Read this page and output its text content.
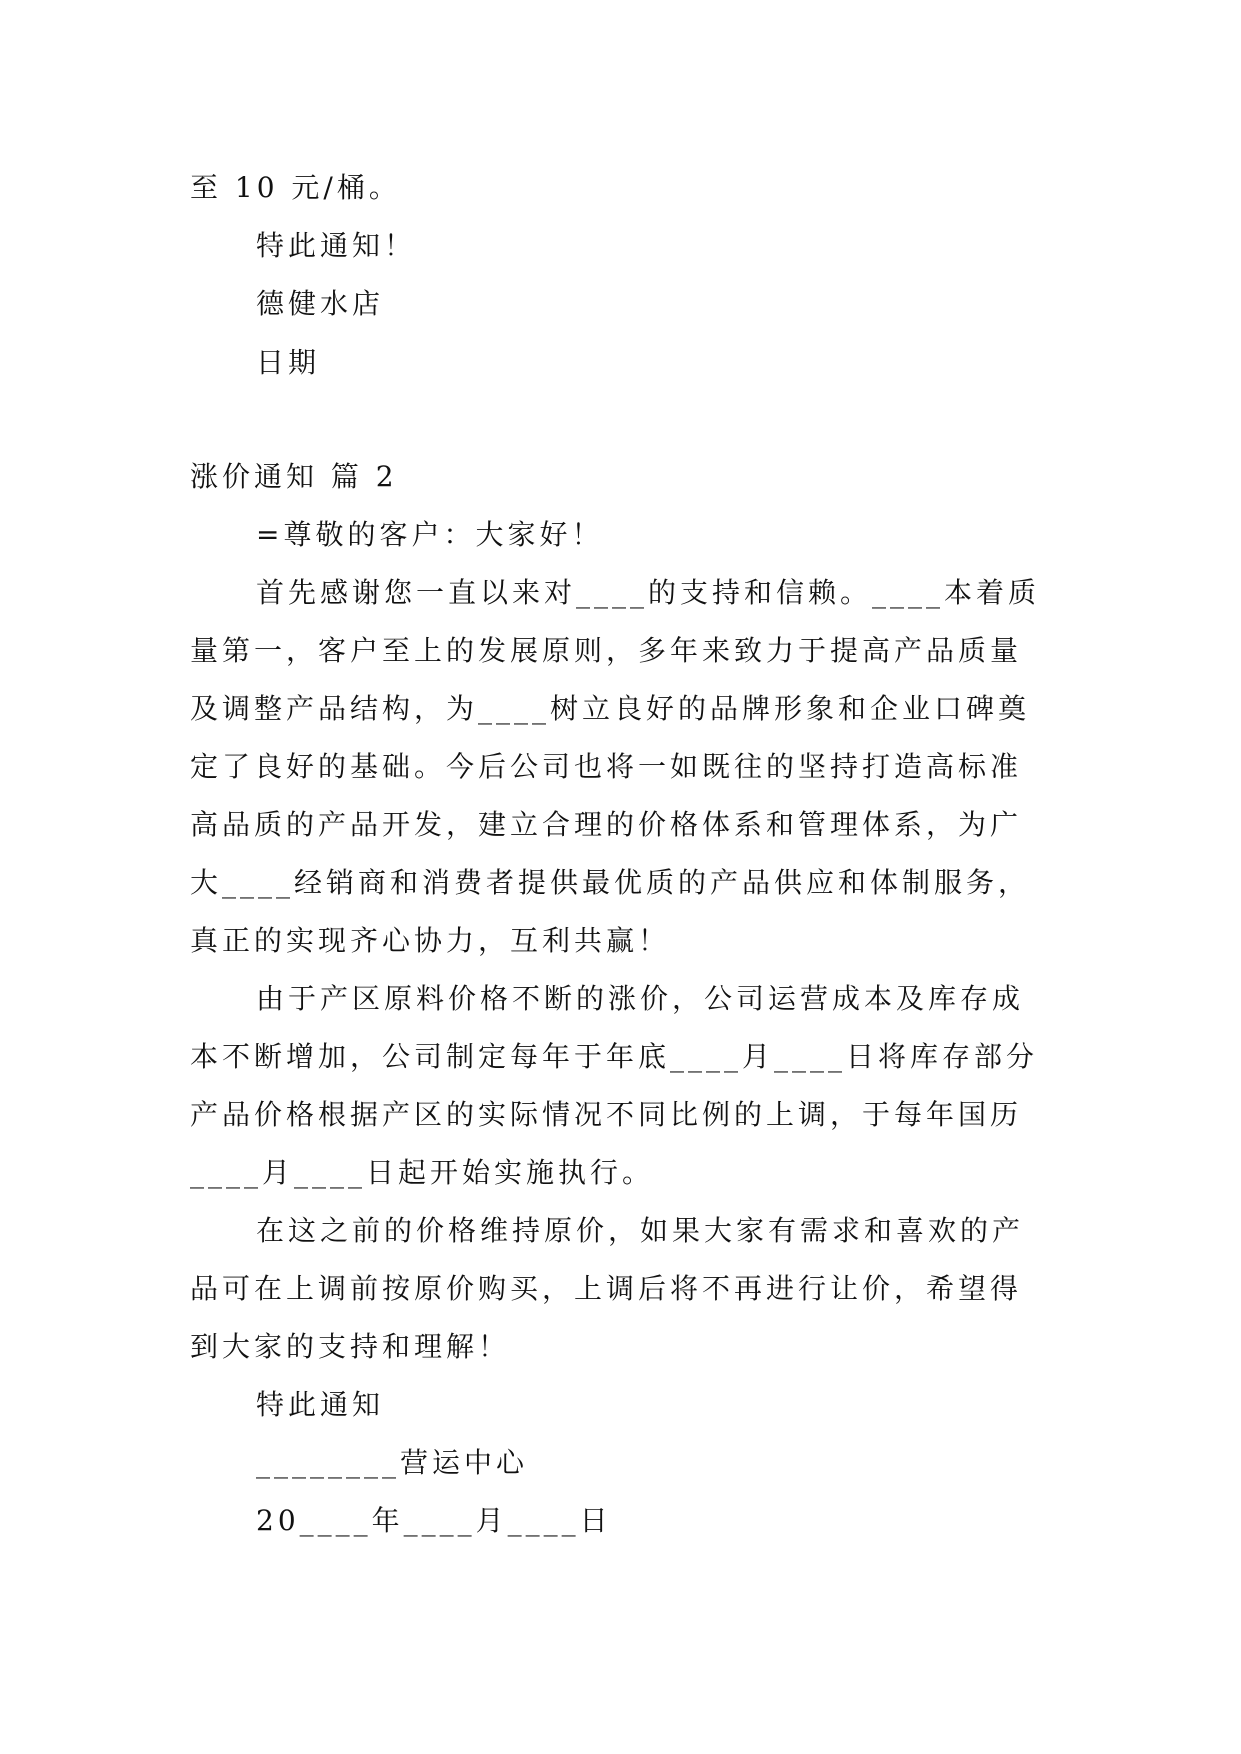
至 10 元/桶。

特此通知！

德健水店

日期

涨价通知 篇 2

=尊敬的客户：大家好！

首先感谢您一直以来对____的支持和信赖。____本着质

量第一，客户至上的发展原则，多年来致力于提高产品质量

及调整产品结构，为____树立良好的品牌形象和企业口碑奠

定了良好的基础。今后公司也将一如既往的坚持打造高标准

高品质的产品开发，建立合理的价格体系和管理体系，为广

大____经销商和消费者提供最优质的产品供应和体制服务，

真正的实现齐心协力，互利共赢！

由于产区原料价格不断的涨价，公司运营成本及库存成

本不断增加，公司制定每年于年底____月____日将库存部分

产品价格根据产区的实际情况不同比例的上调，于每年国历

____月____日起开始实施执行。

在这之前的价格维持原价，如果大家有需求和喜欢的产

品可在上调前按原价购买，上调后将不再进行让价，希望得

到大家的支持和理解！

特此通知

________营运中心

20____年____月____日
